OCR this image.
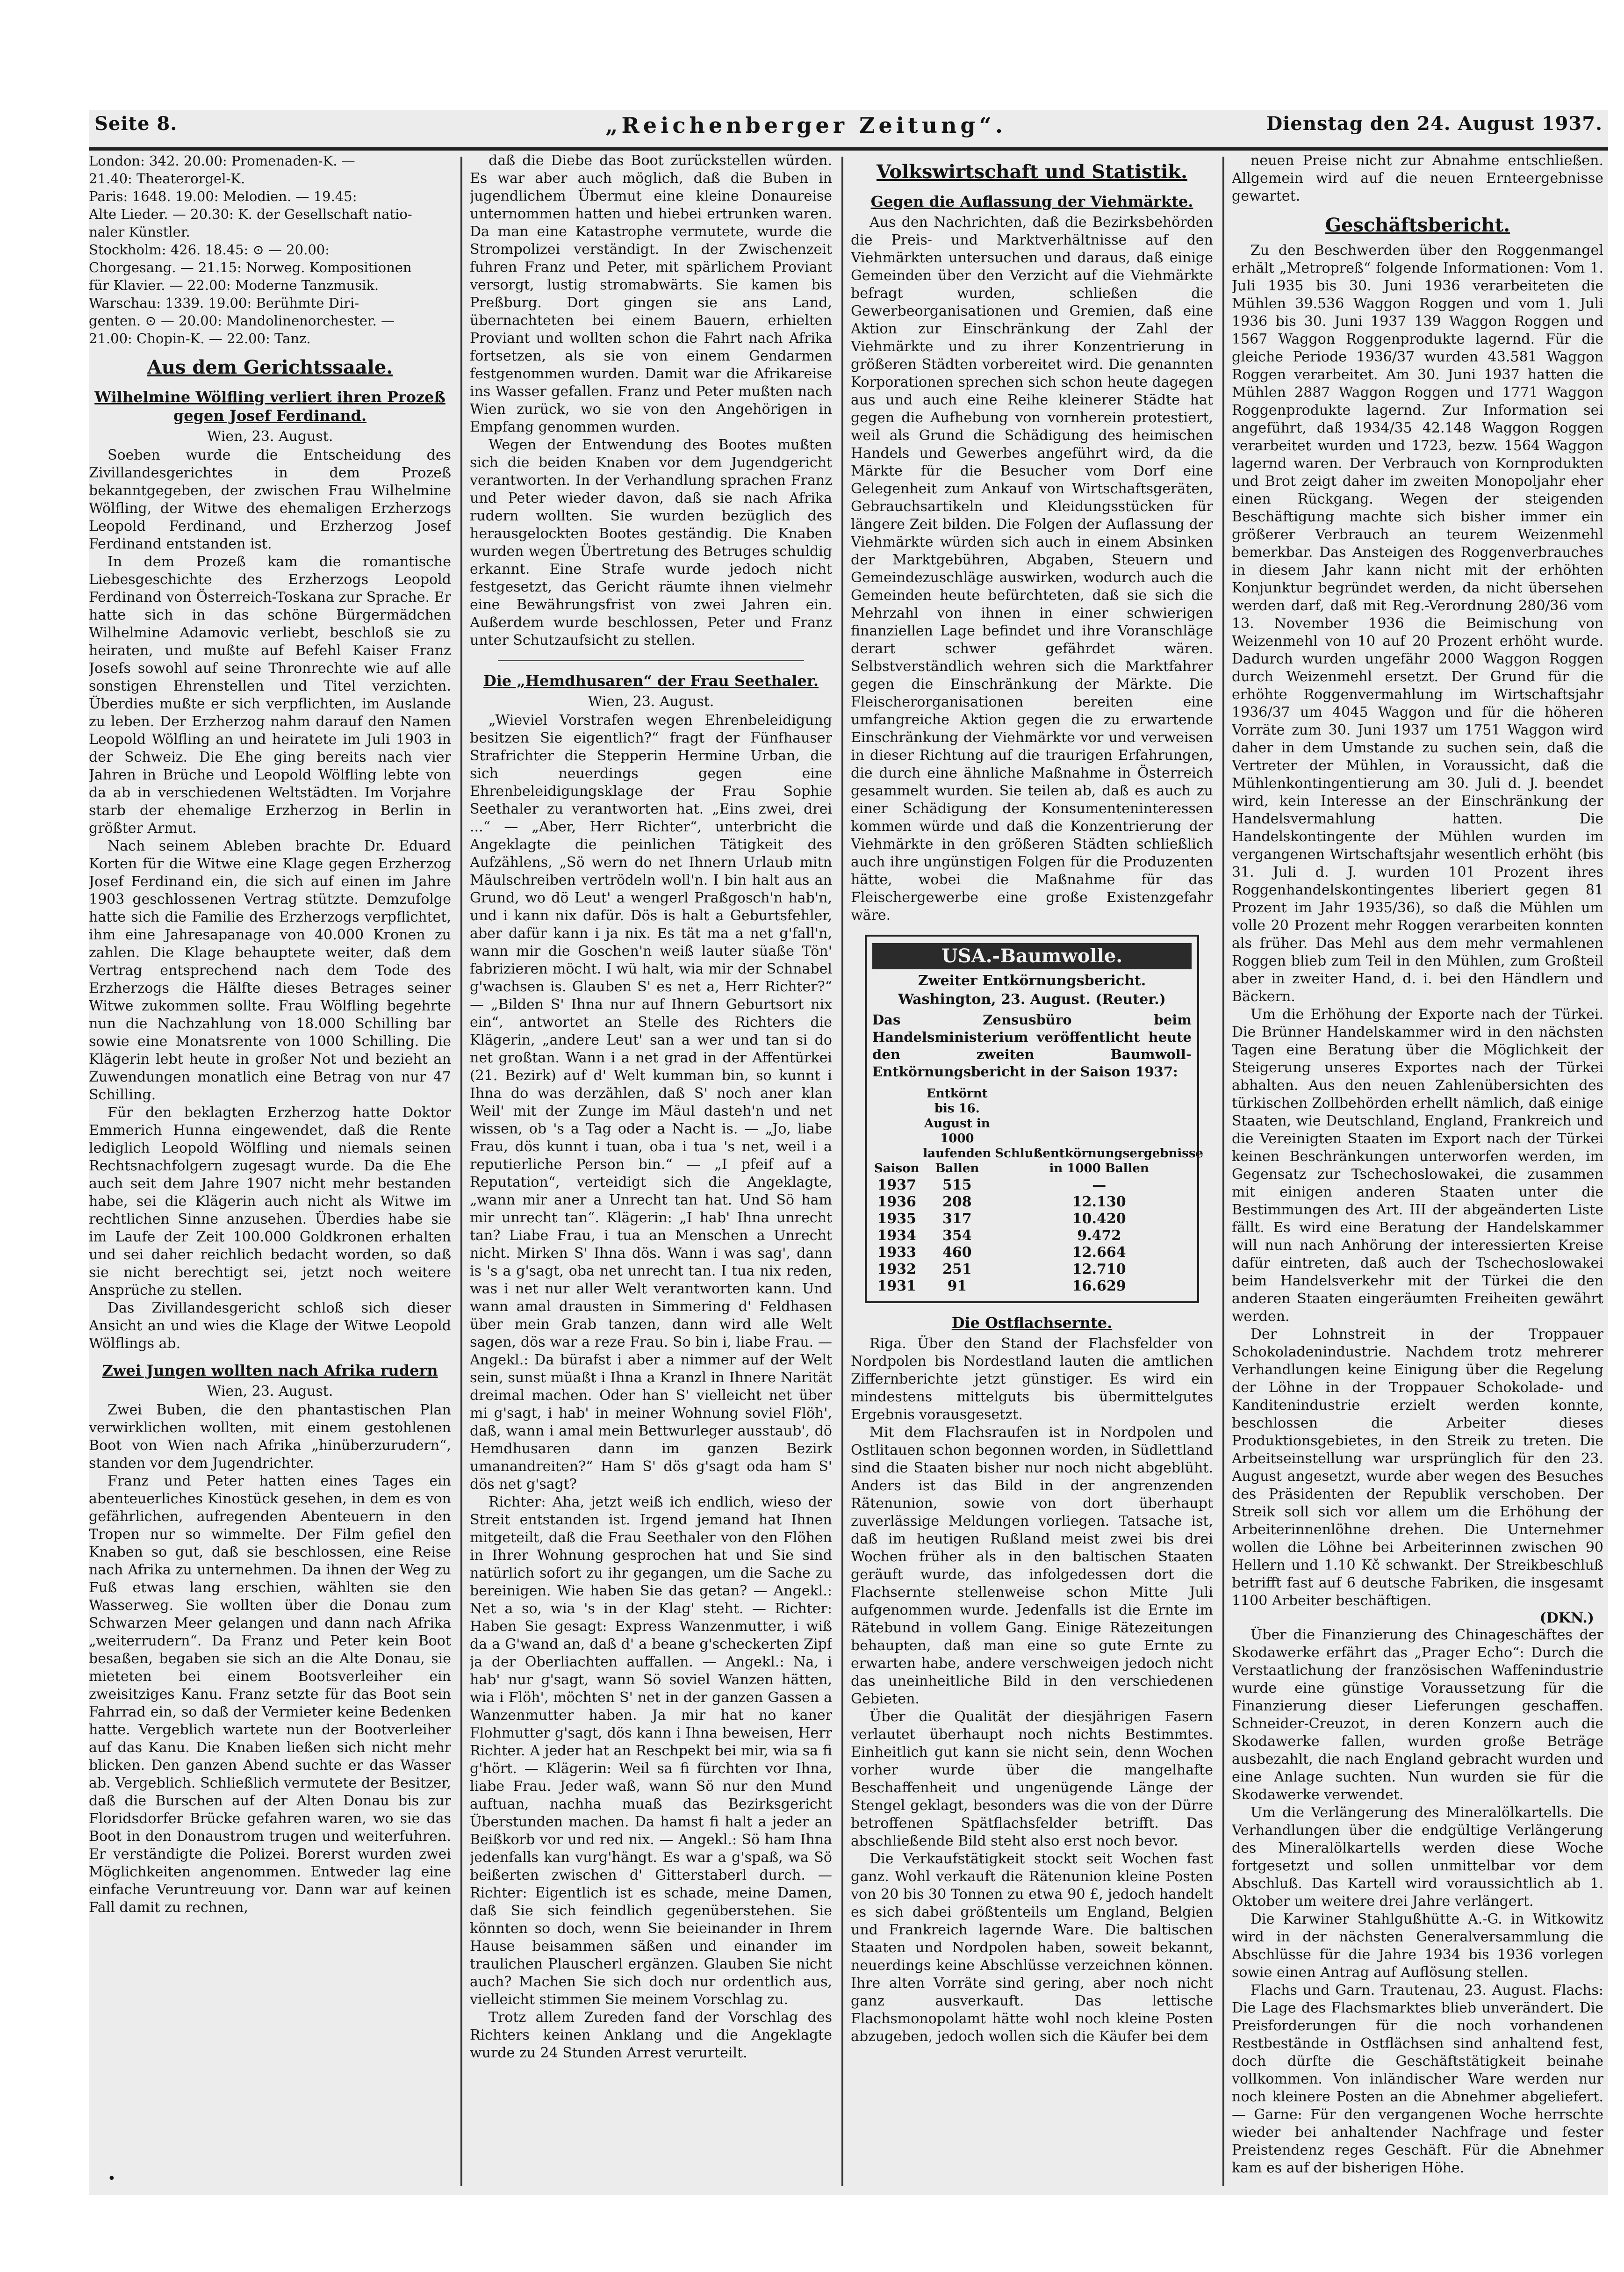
Seite 8.	„Reichenberger Zeitung“.	Dienstag den 24. August 1937.
London: 342. 20.00: Promenaden-K. —
21.40: Theaterorgel-K.
Paris: 1648. 19.00: Melodien. — 19.45:
Alte Lieder. — 20.30: K. der Gesellschaft natio-
naler Künstler.
Stockholm: 426. 18.45: ⊙ — 20.00:
Chorgesang. — 21.15: Norweg. Kompositionen
für Klavier. — 22.00: Moderne Tanzmusik.
Warschau: 1339. 19.00: Berühmte Diri-
genten. ⊙ — 20.00: Mandolinenorchester. —
21.00: Chopin-K. — 22.00: Tanz.
Aus dem Gerichtssaale.
Wilhelmine Wölfling verliert ihren Prozeß gegen Josef Ferdinand.
Wien, 23. August.

Soeben wurde die Entscheidung des Zivillandesgerichtes in dem Prozeß bekanntgegeben, der zwischen Frau Wilhelmine Wölfling, der Witwe des ehemaligen Erzherzogs Leopold Ferdinand, und Erzherzog Josef Ferdinand entstanden ist.

In dem Prozeß kam die romantische Liebesgeschichte des Erzherzogs Leopold Ferdinand von Österreich-Toskana zur Sprache. Er hatte sich in das schöne Bürgermädchen Wilhelmine Adamovic verliebt, beschloß sie zu heiraten, und mußte auf Befehl Kaiser Franz Josefs sowohl auf seine Thronrechte wie auf alle sonstigen Ehrenstellen und Titel verzichten. Überdies mußte er sich verpflichten, im Auslande zu leben. Der Erzherzog nahm darauf den Namen Leopold Wölfling an und heiratete im Juli 1903 in der Schweiz. Die Ehe ging bereits nach vier Jahren in Brüche und Leopold Wölfling lebte von da ab in verschiedenen Weltstädten. Im Vorjahre starb der ehemalige Erzherzog in Berlin in größter Armut.

Nach seinem Ableben brachte Dr. Eduard Korten für die Witwe eine Klage gegen Erzherzog Josef Ferdinand ein, die sich auf einen im Jahre 1903 geschlossenen Vertrag stützte. Demzufolge hatte sich die Familie des Erzherzogs verpflichtet, ihm eine Jahresapanage von 40.000 Kronen zu zahlen. Die Klage behauptete weiter, daß dem Vertrag entsprechend nach dem Tode des Erzherzogs die Hälfte dieses Betrages seiner Witwe zukommen sollte. Frau Wölfling begehrte nun die Nachzahlung von 18.000 Schilling bar sowie eine Monatsrente von 1000 Schilling. Die Klägerin lebt heute in großer Not und bezieht an Zuwendungen monatlich eine Betrag von nur 47 Schilling.

Für den beklagten Erzherzog hatte Doktor Emmerich Hunna eingewendet, daß die Rente lediglich Leopold Wölfling und niemals seinen Rechtsnachfolgern zugesagt wurde. Da die Ehe auch seit dem Jahre 1907 nicht mehr bestanden habe, sei die Klägerin auch nicht als Witwe im rechtlichen Sinne anzusehen. Überdies habe sie im Laufe der Zeit 100.000 Goldkronen erhalten und sei daher reichlich bedacht worden, so daß sie nicht berechtigt sei, jetzt noch weitere Ansprüche zu stellen.

Das Zivillandesgericht schloß sich dieser Ansicht an und wies die Klage der Witwe Leopold Wölflings ab.

Zwei Jungen wollten nach Afrika rudern
Wien, 23. August.

Zwei Buben, die den phantastischen Plan verwirklichen wollten, mit einem gestohlenen Boot von Wien nach Afrika „hinüberzurudern“, standen vor dem Jugendrichter.

Franz und Peter hatten eines Tages ein abenteuerliches Kinostück gesehen, in dem es von gefährlichen, aufregenden Abenteuern in den Tropen nur so wimmelte. Der Film gefiel den Knaben so gut, daß sie beschlossen, eine Reise nach Afrika zu unternehmen. Da ihnen der Weg zu Fuß etwas lang erschien, wählten sie den Wasserweg. Sie wollten über die Donau zum Schwarzen Meer gelangen und dann nach Afrika „weiterrudern“. Da Franz und Peter kein Boot besaßen, begaben sie sich an die Alte Donau, sie mieteten bei einem Bootsverleiher ein zweisitziges Kanu. Franz setzte für das Boot sein Fahrrad ein, so daß der Vermieter keine Bedenken hatte. Vergeblich wartete nun der Bootverleiher auf das Kanu. Die Knaben ließen sich nicht mehr blicken. Den ganzen Abend suchte er das Wasser ab. Vergeblich. Schließlich vermutete der Besitzer, daß die Burschen auf der Alten Donau bis zur Floridsdorfer Brücke gefahren waren, wo sie das Boot in den Donaustrom trugen und weiterfuhren. Er verständigte die Polizei. Borerst wurden zwei Möglichkeiten angenommen. Entweder lag eine einfache Veruntreuung vor. Dann war auf keinen Fall damit zu rechnen,

daß die Diebe das Boot zurückstellen würden. Es war aber auch möglich, daß die Buben in jugendlichem Übermut eine kleine Donaureise unternommen hatten und hiebei ertrunken waren. Da man eine Katastrophe vermutete, wurde die Strompolizei verständigt. In der Zwischenzeit fuhren Franz und Peter, mit spärlichem Proviant versorgt, lustig stromabwärts. Sie kamen bis Preßburg. Dort gingen sie ans Land, übernachteten bei einem Bauern, erhielten Proviant und wollten schon die Fahrt nach Afrika fortsetzen, als sie von einem Gendarmen festgenommen wurden. Damit war die Afrikareise ins Wasser gefallen. Franz und Peter mußten nach Wien zurück, wo sie von den Angehörigen in Empfang genommen wurden.

Wegen der Entwendung des Bootes mußten sich die beiden Knaben vor dem Jugendgericht verantworten. In der Verhandlung sprachen Franz und Peter wieder davon, daß sie nach Afrika rudern wollten. Sie wurden bezüglich des herausgelockten Bootes geständig. Die Knaben wurden wegen Übertretung des Betruges schuldig erkannt. Eine Strafe wurde jedoch nicht festgesetzt, das Gericht räumte ihnen vielmehr eine Bewährungsfrist von zwei Jahren ein. Außerdem wurde beschlossen, Peter und Franz unter Schutzaufsicht zu stellen.

Die „Hemdhusaren“ der Frau Seethaler.
Wien, 23. August.

„Wieviel Vorstrafen wegen Ehrenbeleidigung besitzen Sie eigentlich?“ fragt der Fünfhauser Strafrichter die Stepperin Hermine Urban, die sich neuerdings gegen eine Ehrenbeleidigungsklage der Frau Sophie Seethaler zu verantworten hat. „Eins zwei, drei ...“ — „Aber, Herr Richter“, unterbricht die Angeklagte die peinlichen Tätigkeit des Aufzählens, „Sö wern do net Ihnern Urlaub mitn Mäulschreiben vertrödeln woll'n. I bin halt aus an Grund, wo dö Leut' a wengerl Praßgosch'n hab'n, und i kann nix dafür. Dös is halt a Geburtsfehler, aber dafür kann i ja nix. Es tät ma a net g'fall'n, wann mir die Goschen'n weiß lauter süaße Tön' fabrizieren möcht. I wü halt, wia mir der Schnabel g'wachsen is. Glauben S' es net a, Herr Richter?“ — „Bilden S' Ihna nur auf Ihnern Geburtsort nix ein“, antwortet an Stelle des Richters die Klägerin, „andere Leut' san a wer und tan si do net großtan. Wann i a net grad in der Affentürkei (21. Bezirk) auf d' Welt kumman bin, so kunnt i Ihna do was derzählen, daß S' noch aner klan Weil' mit der Zunge im Mäul dasteh'n und net wissen, ob 's a Tag oder a Nacht is. — „Jo, liabe Frau, dös kunnt i tuan, oba i tua 's net, weil i a reputierliche Person bin.“ — „I pfeif auf a Reputation“, verteidigt sich die Angeklagte, „wann mir aner a Unrecht tan hat. Und Sö ham mir unrecht tan“. Klägerin: „I hab' Ihna unrecht tan? Liabe Frau, i tua an Menschen a Unrecht nicht. Mirken S' Ihna dös. Wann i was sag', dann is 's a g'sagt, oba net unrecht tan. I tua nix reden, was i net nur aller Welt verantworten kann. Und wann amal drausten in Simmering d' Feldhasen über mein Grab tanzen, dann wird alle Welt sagen, dös war a reze Frau. So bin i, liabe Frau. — Angekl.: Da bürafst i aber a nimmer auf der Welt sein, sunst müaßt i Ihna a Kranzl in Ihnere Narität dreimal machen. Oder han S' vielleicht net über mi g'sagt, i hab' in meiner Wohnung soviel Flöh', daß, wann i amal mein Bettwurleger ausstaub', dö Hemdhusaren dann im ganzen Bezirk umanandreiten?“ Ham S' dös g'sagt oda ham S' dös net g'sagt?

Richter: Aha, jetzt weiß ich endlich, wieso der Streit entstanden ist. Irgend jemand hat Ihnen mitgeteilt, daß die Frau Seethaler von den Flöhen in Ihrer Wohnung gesprochen hat und Sie sind natürlich sofort zu ihr gegangen, um die Sache zu bereinigen. Wie haben Sie das getan? — Angekl.: Net a so, wia 's in der Klag' steht. — Richter: Haben Sie gesagt: Express Wanzenmutter, i wiß da a G'wand an, daß d' a beane g'scheckerten Zipf ja der Oberliachten auffallen. — Angekl.: Na, i hab' nur g'sagt, wann Sö soviel Wanzen hätten, wia i Flöh', möchten S' net in der ganzen Gassen a Wanzenmutter haben. Ja mir hat no kaner Flohmutter g'sagt, dös kann i Ihna beweisen, Herr Richter. A jeder hat an Reschpekt bei mir, wia sa fi g'hört. — Klägerin: Weil sa fi fürchten vor Ihna, liabe Frau. Jeder waß, wann Sö nur den Mund auftuan, nachha muaß das Bezirksgericht Überstunden machen. Da hamst fi halt a jeder an Beißkorb vor und red nix. — Angekl.: Sö ham Ihna jedenfalls kan vurg'hängt. Es war a g'spaß, wa Sö beißerten zwischen d' Gitterstaberl durch. — Richter: Eigentlich ist es schade, meine Damen, daß Sie sich feindlich gegenüberstehen. Sie könnten so doch, wenn Sie beieinander in Ihrem Hause beisammen säßen und einander im traulichen Plauscherl ergänzen. Glauben Sie nicht auch? Machen Sie sich doch nur ordentlich aus, vielleicht stimmen Sie meinem Vorschlag zu.

Trotz allem Zureden fand der Vorschlag des Richters keinen Anklang und die Angeklagte wurde zu 24 Stunden Arrest verurteilt.

Volkswirtschaft und Statistik.
Gegen die Auflassung der Viehmärkte.

Aus den Nachrichten, daß die Bezirksbehörden die Preis- und Marktverhältnisse auf den Viehmärkten untersuchen und daraus, daß einige Gemeinden über den Verzicht auf die Viehmärkte befragt wurden, schließen die Gewerbeorganisationen und Gremien, daß eine Aktion zur Einschränkung der Zahl der Viehmärkte und zu ihrer Konzentrierung in größeren Städten vorbereitet wird. Die genannten Korporationen sprechen sich schon heute dagegen aus und auch eine Reihe kleinerer Städte hat gegen die Aufhebung von vornherein protestiert, weil als Grund die Schädigung des heimischen Handels und Gewerbes angeführt wird, da die Märkte für die Besucher vom Dorf eine Gelegenheit zum Ankauf von Wirtschaftsgeräten, Gebrauchsartikeln und Kleidungsstücken für längere Zeit bilden. Die Folgen der Auflassung der Viehmärkte würden sich auch in einem Absinken der Marktgebühren, Abgaben, Steuern und Gemeindezuschläge auswirken, wodurch auch die Gemeinden heute befürchteten, daß sie sich die Mehrzahl von ihnen in einer schwierigen finanziellen Lage befindet und ihre Voranschläge derart schwer gefährdet wären. Selbstverständlich wehren sich die Marktfahrer gegen die Einschränkung der Märkte. Die Fleischerorganisationen bereiten eine umfangreiche Aktion gegen die zu erwartende Einschränkung der Viehmärkte vor und verweisen in dieser Richtung auf die traurigen Erfahrungen, die durch eine ähnliche Maßnahme in Österreich gesammelt wurden. Sie teilen ab, daß es auch zu einer Schädigung der Konsumenteninteressen kommen würde und daß die Konzentrierung der Viehmärkte in den größeren Städten schließlich auch ihre ungünstigen Folgen für die Produzenten hätte, wobei die Maßnahme für das Fleischergewerbe eine große Existenzgefahr wäre.

USA.-Baumwolle.
Zweiter Entkörnungsbericht.
Washington, 23. August. (Reuter.)
Das Zensusbüro beim Handelsministerium veröffentlicht heute den zweiten Baumwoll-Entkörnungsbericht in der Saison 1937:
Saison	Entkörnt bis 16. August in 1000 laufenden Ballen	Schlußentkörnungsergebnisse in 1000 Ballen
1937	515	—
1936	208	12.130
1935	317	10.420
1934	354	9.472
1933	460	12.664
1932	251	12.710
1931	91	16.629
Die Ostflachsernte.

Riga. Über den Stand der Flachsfelder von Nordpolen bis Nordestland lauten die amtlichen Ziffernberichte jetzt günstiger. Es wird ein mindestens mittelguts bis übermittelgutes Ergebnis vorausgesetzt.

Mit dem Flachsraufen ist in Nordpolen und Ostlitauen schon begonnen worden, in Südlettland sind die Staaten bisher nur noch nicht abgeblüht. Anders ist das Bild in der angrenzenden Rätenunion, sowie von dort überhaupt zuverlässige Meldungen vorliegen. Tatsache ist, daß im heutigen Rußland meist zwei bis drei Wochen früher als in den baltischen Staaten geräuft wurde, das infolgedessen dort die Flachsernte stellenweise schon Mitte Juli aufgenommen wurde. Jedenfalls ist die Ernte im Rätebund in vollem Gang. Einige Rätezeitungen behaupten, daß man eine so gute Ernte zu erwarten habe, andere verschweigen jedoch nicht das uneinheitliche Bild in den verschiedenen Gebieten.

Über die Qualität der diesjährigen Fasern verlautet überhaupt noch nichts Bestimmtes. Einheitlich gut kann sie nicht sein, denn Wochen vorher wurde über die mangelhafte Beschaffenheit und ungenügende Länge der Stengel geklagt, besonders was die von der Dürre betroffenen Spätflachsfelder betrifft. Das abschließende Bild steht also erst noch bevor.

Die Verkaufstätigkeit stockt seit Wochen fast ganz. Wohl verkauft die Rätenunion kleine Posten von 20 bis 30 Tonnen zu etwa 90 £, jedoch handelt es sich dabei größtenteils um England, Belgien und Frankreich lagernde Ware. Die baltischen Staaten und Nordpolen haben, soweit bekannt, neuerdings keine Abschlüsse verzeichnen können. Ihre alten Vorräte sind gering, aber noch nicht ganz ausverkauft. Das lettische Flachsmonopolamt hätte wohl noch kleine Posten abzugeben, jedoch wollen sich die Käufer bei dem

neuen Preise nicht zur Abnahme entschließen. Allgemein wird auf die neuen Ernteergebnisse gewartet.

Geschäftsbericht.

Zu den Beschwerden über den Roggenmangel erhält „Metropreß“ folgende Informationen: Vom 1. Juli 1935 bis 30. Juni 1936 verarbeiteten die Mühlen 39.536 Waggon Roggen und vom 1. Juli 1936 bis 30. Juni 1937 139 Waggon Roggen und 1567 Waggon Roggenprodukte lagernd. Für die gleiche Periode 1936/37 wurden 43.581 Waggon Roggen verarbeitet. Am 30. Juni 1937 hatten die Mühlen 2887 Waggon Roggen und 1771 Waggon Roggenprodukte lagernd. Zur Information sei angeführt, daß 1934/35 42.148 Waggon Roggen verarbeitet wurden und 1723, bezw. 1564 Waggon lagernd waren. Der Verbrauch von Kornprodukten und Brot zeigt daher im zweiten Monopoljahr eher einen Rückgang. Wegen der steigenden Beschäftigung machte sich bisher immer ein größerer Verbrauch an teurem Weizenmehl bemerkbar. Das Ansteigen des Roggenverbrauches in diesem Jahr kann nicht mit der erhöhten Konjunktur begründet werden, da nicht übersehen werden darf, daß mit Reg.-Verordnung 280/36 vom 13. November 1936 die Beimischung von Weizenmehl von 10 auf 20 Prozent erhöht wurde. Dadurch wurden ungefähr 2000 Waggon Roggen durch Weizenmehl ersetzt. Der Grund für die erhöhte Roggenvermahlung im Wirtschaftsjahr 1936/37 um 4045 Waggon und für die höheren Vorräte zum 30. Juni 1937 um 1751 Waggon wird daher in dem Umstande zu suchen sein, daß die Vertreter der Mühlen, in Voraussicht, daß die Mühlenkontingentierung am 30. Juli d. J. beendet wird, kein Interesse an der Einschränkung der Handelsvermahlung hatten. Die Handelskontingente der Mühlen wurden im vergangenen Wirtschaftsjahr wesentlich erhöht (bis 31. Juli d. J. wurden 101 Prozent ihres Roggenhandelskontingentes liberiert gegen 81 Prozent im Jahr 1935/36), so daß die Mühlen um volle 20 Prozent mehr Roggen verarbeiten konnten als früher. Das Mehl aus dem mehr vermahlenen Roggen blieb zum Teil in den Mühlen, zum Großteil aber in zweiter Hand, d. i. bei den Händlern und Bäckern.

Um die Erhöhung der Exporte nach der Türkei. Die Brünner Handelskammer wird in den nächsten Tagen eine Beratung über die Möglichkeit der Steigerung unseres Exportes nach der Türkei abhalten. Aus den neuen Zahlenübersichten des türkischen Zollbehörden erhellt nämlich, daß einige Staaten, wie Deutschland, England, Frankreich und die Vereinigten Staaten im Export nach der Türkei keinen Beschränkungen unterworfen werden, im Gegensatz zur Tschechoslowakei, die zusammen mit einigen anderen Staaten unter die Bestimmungen des Art. III der abgeänderten Liste fällt. Es wird eine Beratung der Handelskammer will nun nach Anhörung der interessierten Kreise dafür eintreten, daß auch der Tschechoslowakei beim Handelsverkehr mit der Türkei die den anderen Staaten eingeräumten Freiheiten gewährt werden.

Der Lohnstreit in der Troppauer Schokoladenindustrie. Nachdem trotz mehrerer Verhandlungen keine Einigung über die Regelung der Löhne in der Troppauer Schokolade- und Kanditenindustrie erzielt werden konnte, beschlossen die Arbeiter dieses Produktionsgebietes, in den Streik zu treten. Die Arbeitseinstellung war ursprünglich für den 23. August angesetzt, wurde aber wegen des Besuches des Präsidenten der Republik verschoben. Der Streik soll sich vor allem um die Erhöhung der Arbeiterinnenlöhne drehen. Die Unternehmer wollen die Löhne bei Arbeiterinnen zwischen 90 Hellern und 1.10 Kč schwankt. Der Streikbeschluß betrifft fast auf 6 deutsche Fabriken, die insgesamt 1100 Arbeiter beschäftigen.

(DKN.)

Über die Finanzierung des Chinageschäftes der Skodawerke erfährt das „Prager Echo“: Durch die Verstaatlichung der französischen Waffenindustrie wurde eine günstige Voraussetzung für die Finanzierung dieser Lieferungen geschaffen. Schneider-Creuzot, in deren Konzern auch die Skodawerke fallen, wurden große Beträge ausbezahlt, die nach England gebracht wurden und eine Anlage suchten. Nun wurden sie für die Skodawerke verwendet.

Um die Verlängerung des Mineralölkartells. Die Verhandlungen über die endgültige Verlängerung des Mineralölkartells werden diese Woche fortgesetzt und sollen unmittelbar vor dem Abschluß. Das Kartell wird voraussichtlich ab 1. Oktober um weitere drei Jahre verlängert.

Die Karwiner Stahlgußhütte A.-G. in Witkowitz wird in der nächsten Generalversammlung die Abschlüsse für die Jahre 1934 bis 1936 vorlegen sowie einen Antrag auf Auflösung stellen.

Flachs und Garn. Trautenau, 23. August. Flachs: Die Lage des Flachsmarktes blieb unverändert. Die Preisforderungen für die noch vorhandenen Restbestände in Ostflächsen sind anhaltend fest, doch dürfte die Geschäftstätigkeit beinahe vollkommen. Von inländischer Ware werden nur noch kleinere Posten an die Abnehmer abgeliefert. — Garne: Für den vergangenen Woche herrschte wieder bei anhaltender Nachfrage und fester Preistendenz reges Geschäft. Für die Abnehmer kam es auf der bisherigen Höhe.

•
